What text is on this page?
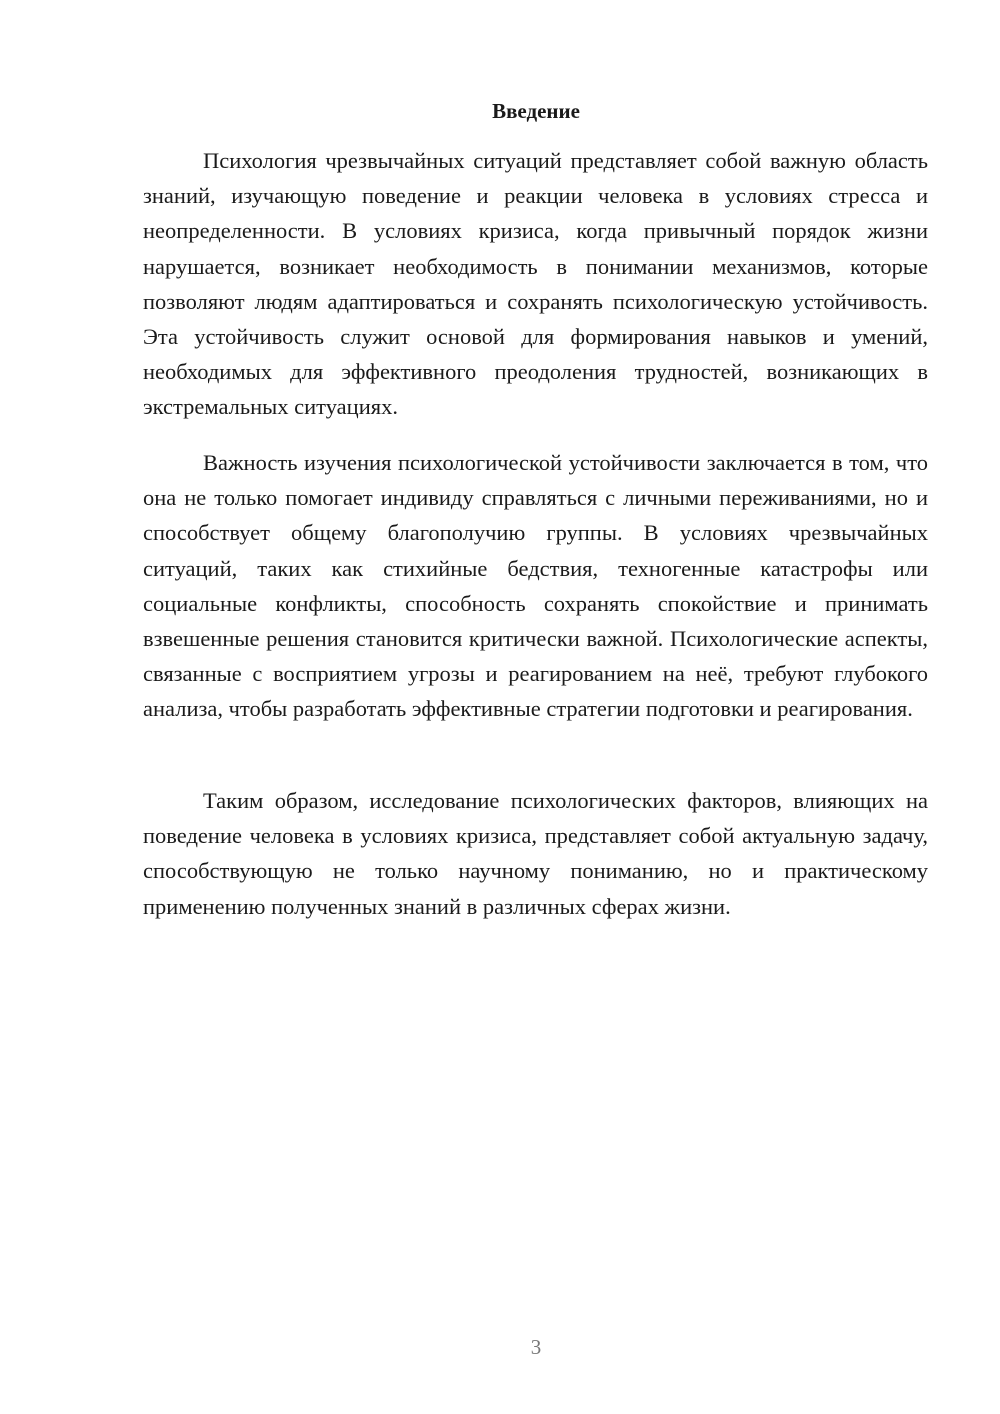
Введение

Психология чрезвычайных ситуаций представляет собой важную область знаний, изучающую поведение и реакции человека в условиях стресса и неопределенности. В условиях кризиса, когда привычный порядок жизни нарушается, возникает необходимость в понимании механизмов, которые позволяют людям адаптироваться и сохранять психологическую устойчивость. Эта устойчивость служит основой для формирования навыков и умений, необходимых для эффективного преодоления трудностей, возникающих в экстремальных ситуациях.

Важность изучения психологической устойчивости заключается в том, что она не только помогает индивиду справляться с личными переживаниями, но и способствует общему благополучию группы. В условиях чрезвычайных ситуаций, таких как стихийные бедствия, техногенные катастрофы или социальные конфликты, способность сохранять спокойствие и принимать взвешенные решения становится критически важной. Психологические аспекты, связанные с восприятием угрозы и реагированием на неё, требуют глубокого анализа, чтобы разработать эффективные стратегии подготовки и реагирования.

Таким образом, исследование психологических факторов, влияющих на поведение человека в условиях кризиса, представляет собой актуальную задачу, способствующую не только научному пониманию, но и практическому применению полученных знаний в различных сферах жизни.

3
